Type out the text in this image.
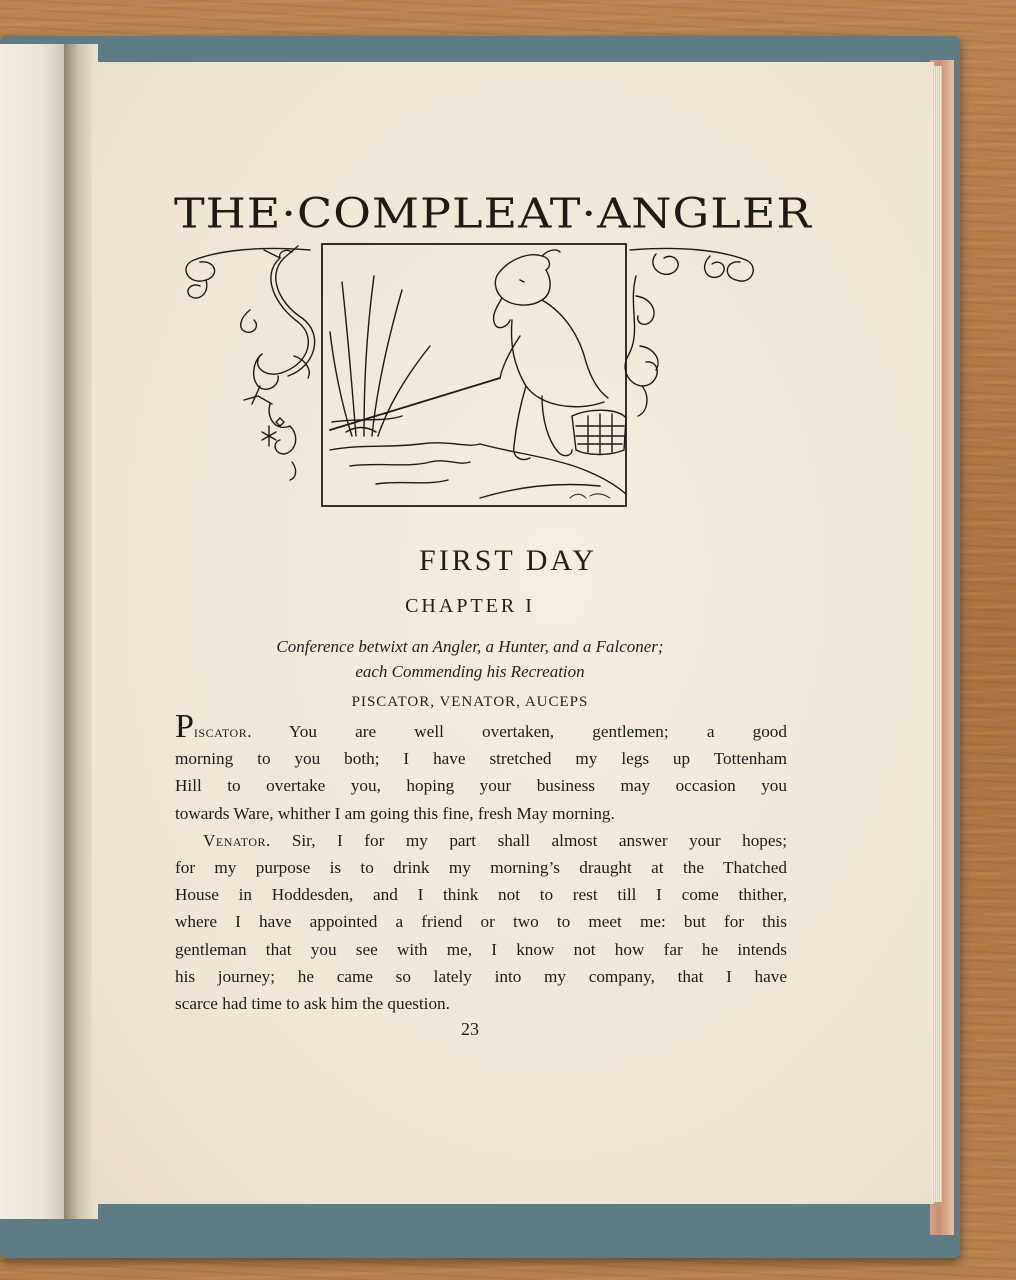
THE·COMPLEAT·ANGLER
FIRST DAY
CHAPTER I
Conference betwixt an Angler, a Hunter, and a Falconer;
each Commending his Recreation
PISCATOR, VENATOR, AUCEPS

Piscator. You are well overtaken, gentlemen; a good
morning to you both; I have stretched my legs up Tottenham
Hill to overtake you, hoping your business may occasion you
towards Ware, whither I am going this fine, fresh May morning.

Venator. Sir, I for my part shall almost answer your hopes;
for my purpose is to drink my morning’s draught at the Thatched
House in Hoddesden, and I think not to rest till I come thither,
where I have appointed a friend or two to meet me: but for this
gentleman that you see with me, I know not how far he intends
his journey; he came so lately into my company, that I have
scarce had time to ask him the question.

23
